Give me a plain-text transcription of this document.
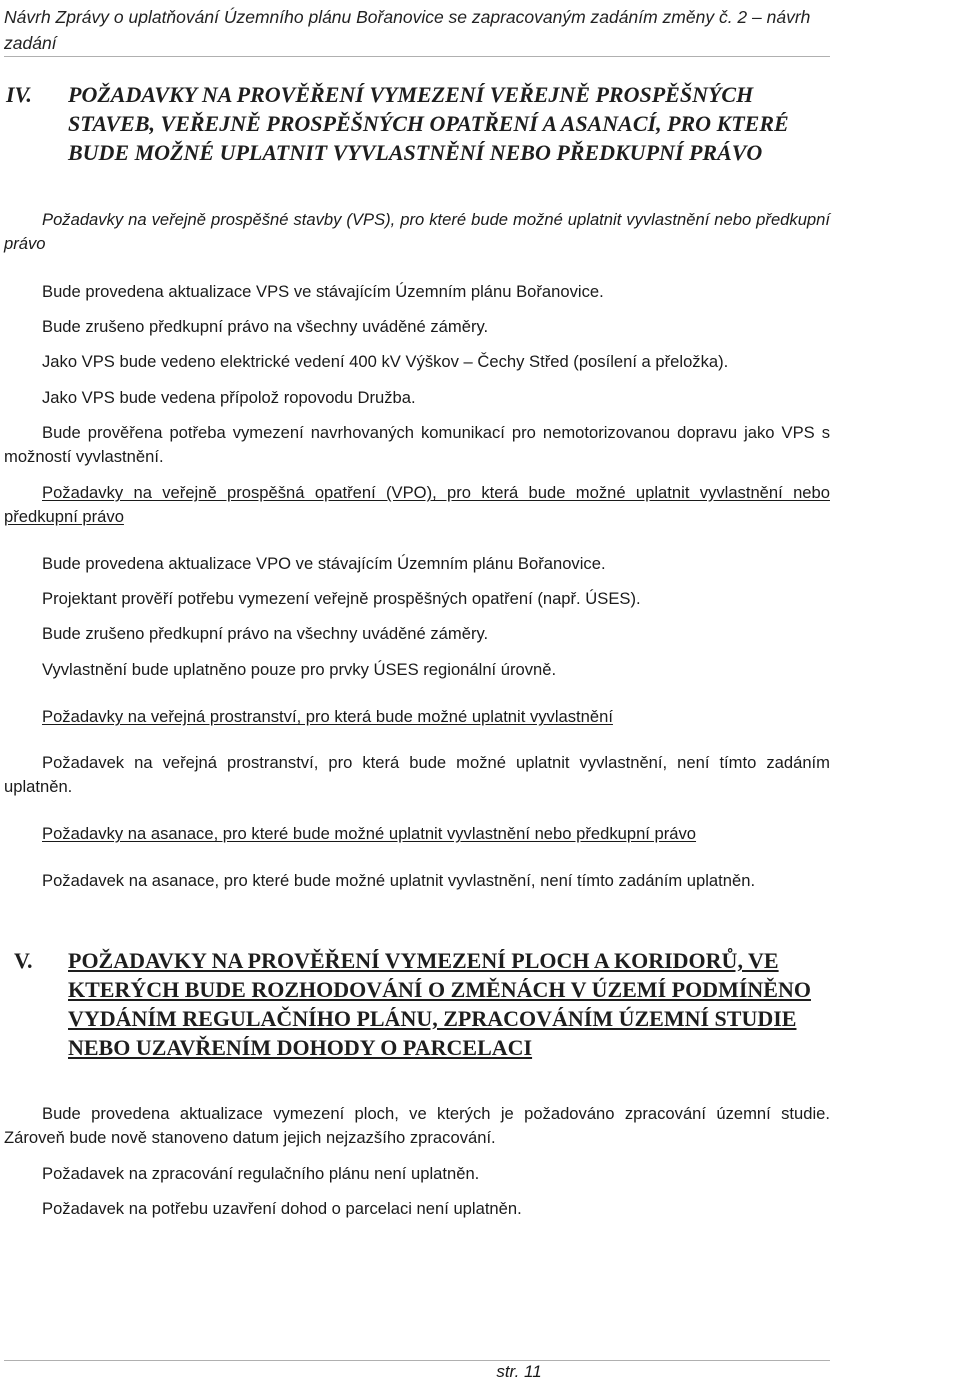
Návrh Zprávy o uplatňování Územního plánu Bořanovice se zapracovaným zadáním změny č. 2 – návrh zadání
IV. POŽADAVKY NA PROVĚŘENÍ VYMEZENÍ VEŘEJNĚ PROSPĚŠNÝCH STAVEB, VEŘEJNĚ PROSPĚŠNÝCH OPATŘENÍ A ASANACÍ, PRO KTERÉ BUDE MOŽNÉ UPLATNIT VYVLASTNĚNÍ NEBO PŘEDKUPNÍ PRÁVO

Požadavky na veřejně prospěšné stavby (VPS), pro které bude možné uplatnit vyvlastnění nebo předkupní právo

Bude provedena aktualizace VPS ve stávajícím Územním plánu Bořanovice.
Bude zrušeno předkupní právo na všechny uváděné záměry.
Jako VPS bude vedeno elektrické vedení 400 kV Výškov – Čechy Střed (posílení a přeložka).
Jako VPS bude vedena přípolož ropovodu Družba.

Bude prověřena potřeba vymezení navrhovaných komunikací pro nemotorizovanou dopravu jako VPS s možností vyvlastnění.

Požadavky na veřejně prospěšná opatření (VPO), pro která bude možné uplatnit vyvlastnění nebo předkupní právo

Bude provedena aktualizace VPO ve stávajícím Územním plánu Bořanovice.
Projektant prověří potřebu vymezení veřejně prospěšných opatření (např. ÚSES).
Bude zrušeno předkupní právo na všechny uváděné záměry.
Vyvlastnění bude uplatněno pouze pro prvky ÚSES regionální úrovně.
Požadavky na veřejná prostranství, pro která bude možné uplatnit vyvlastnění

Požadavek na veřejná prostranství, pro která bude možné uplatnit vyvlastnění, není tímto zadáním uplatněn.

Požadavky na asanace, pro které bude možné uplatnit vyvlastnění nebo předkupní právo
Požadavek na asanace, pro které bude možné uplatnit vyvlastnění, není tímto zadáním uplatněn.
V. POŽADAVKY NA PROVĚŘENÍ VYMEZENÍ PLOCH A KORIDORŮ, VE KTERÝCH BUDE ROZHODOVÁNÍ O ZMĚNÁCH V ÚZEMÍ PODMÍNĚNO VYDÁNÍM REGULAČNÍHO PLÁNU, ZPRACOVÁNÍM ÚZEMNÍ STUDIE NEBO UZAVŘENÍM DOHODY O PARCELACI

Bude provedena aktualizace vymezení ploch, ve kterých je požadováno zpracování územní studie. Zároveň bude nově stanoveno datum jejich nejzazšího zpracování.

Požadavek na zpracování regulačního plánu není uplatněn.
Požadavek na potřebu uzavření dohod o parcelaci není uplatněn.
str. 11
